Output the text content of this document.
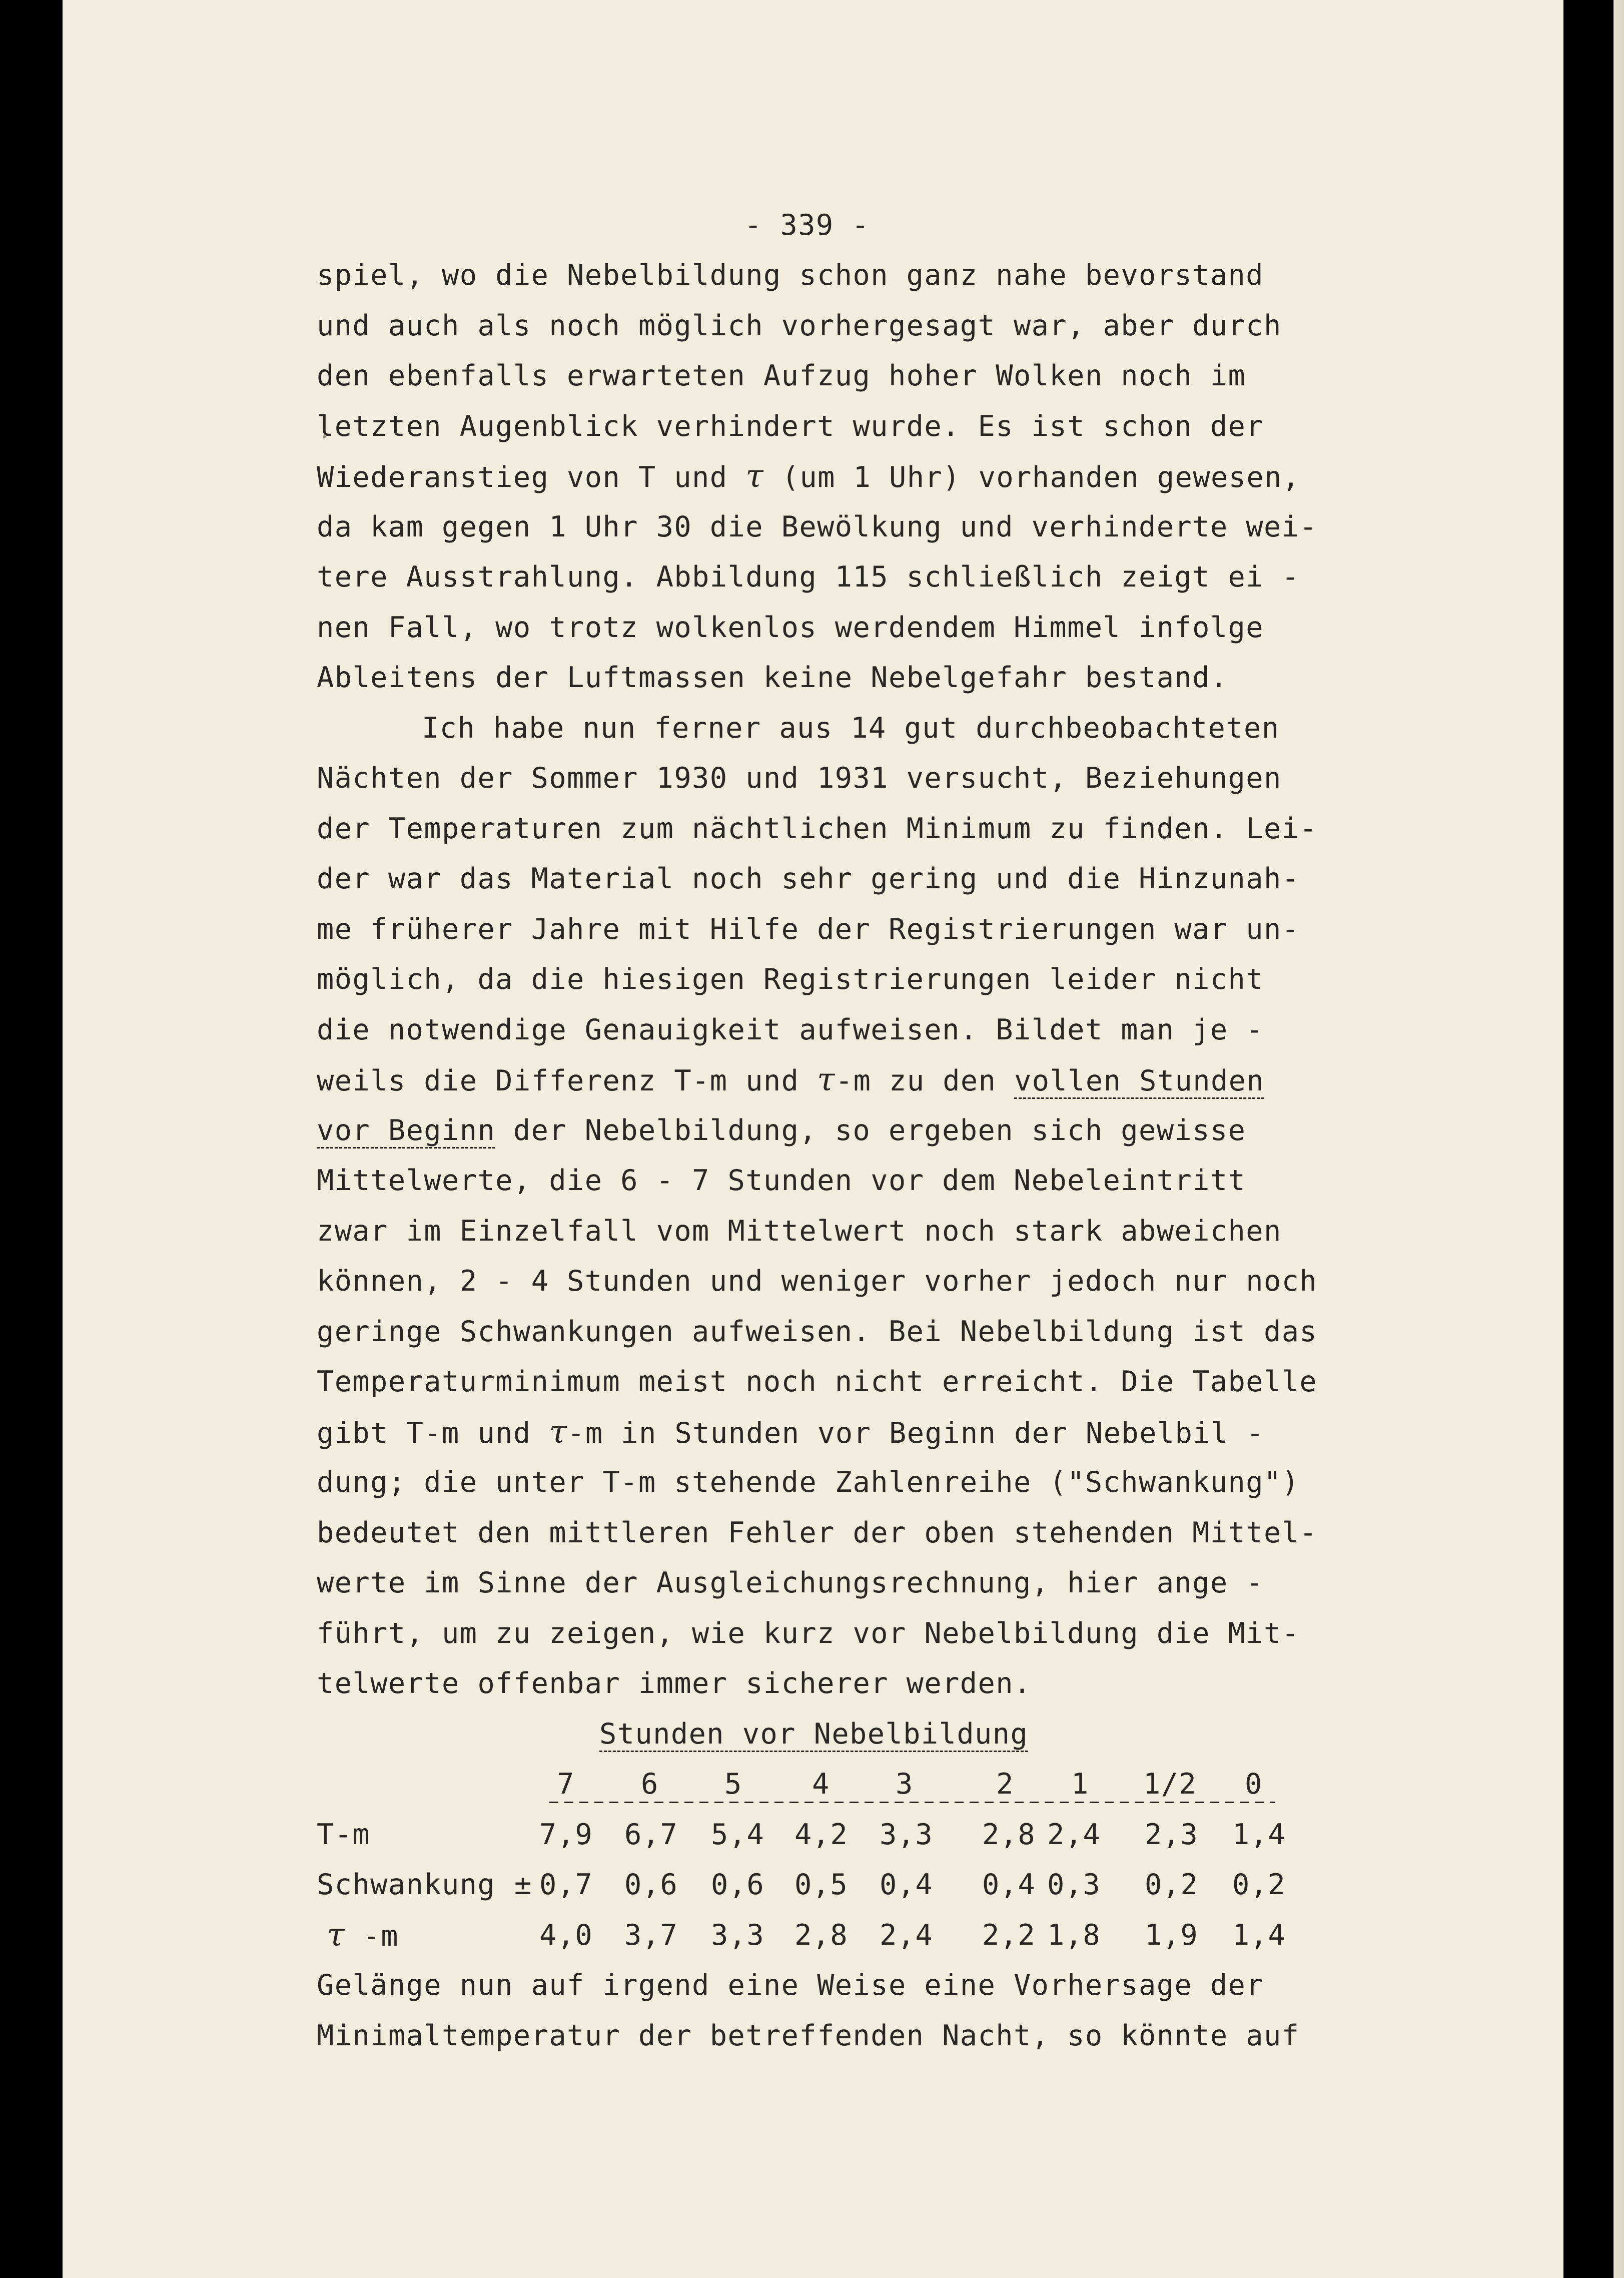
- 339 -
spiel, wo die Nebelbildung schon ganz nahe bevorstand
und auch als noch möglich vorhergesagt war, aber durch
den ebenfalls erwarteten Aufzug hoher Wolken noch im
letzten Augenblick verhindert wurde. Es ist schon der
Wiederanstieg von T und τ (um 1 Uhr) vorhanden gewesen,
da kam gegen 1 Uhr 30 die Bewölkung und verhinderte wei-
tere Ausstrahlung. Abbildung 115 schließlich zeigt ei -
nen Fall, wo trotz wolkenlos werdendem Himmel infolge
Ableitens der Luftmassen keine Nebelgefahr bestand.
Ich habe nun ferner aus 14 gut durchbeobachteten
Nächten der Sommer 1930 und 1931 versucht, Beziehungen
der Temperaturen zum nächtlichen Minimum zu finden. Lei-
der war das Material noch sehr gering und die Hinzunah-
me früherer Jahre mit Hilfe der Registrierungen war un-
möglich, da die hiesigen Registrierungen leider nicht
die notwendige Genauigkeit aufweisen. Bildet man je -
weils die Differenz T-m und τ-m zu den vollen Stunden
vor Beginn der Nebelbildung, so ergeben sich gewisse
Mittelwerte, die 6 - 7 Stunden vor dem Nebeleintritt
zwar im Einzelfall vom Mittelwert noch stark abweichen
können, 2 - 4 Stunden und weniger vorher jedoch nur noch
geringe Schwankungen aufweisen. Bei Nebelbildung ist das
Temperaturminimum meist noch nicht erreicht. Die Tabelle
gibt T-m und τ-m in Stunden vor Beginn der Nebelbil -
dung; die unter T-m stehende Zahlenreihe ("Schwankung")
bedeutet den mittleren Fehler der oben stehenden Mittel-
werte im Sinne der Ausgleichungsrechnung, hier ange -
führt, um zu zeigen, wie kurz vor Nebelbildung die Mit-
telwerte offenbar immer sicherer werden.
Stunden vor Nebelbildung
7 6 5 4 3	2 1 1/2 0
T-m	7,9 6,7 5,4 4,2 3,3 2,8 2,4 2,3 1,4
Schwankung ± 0,7 0,6 0,6 0,5 0,4 0,4 0,3 0,2 0,2
τ -m	4,0 3,7 3,3 2,8 2,4 2,2 1,8 1,9 1,4
Gelänge nun auf irgend eine Weise eine Vorhersage der
Minimaltemperatur der betreffenden Nacht, so könnte auf
